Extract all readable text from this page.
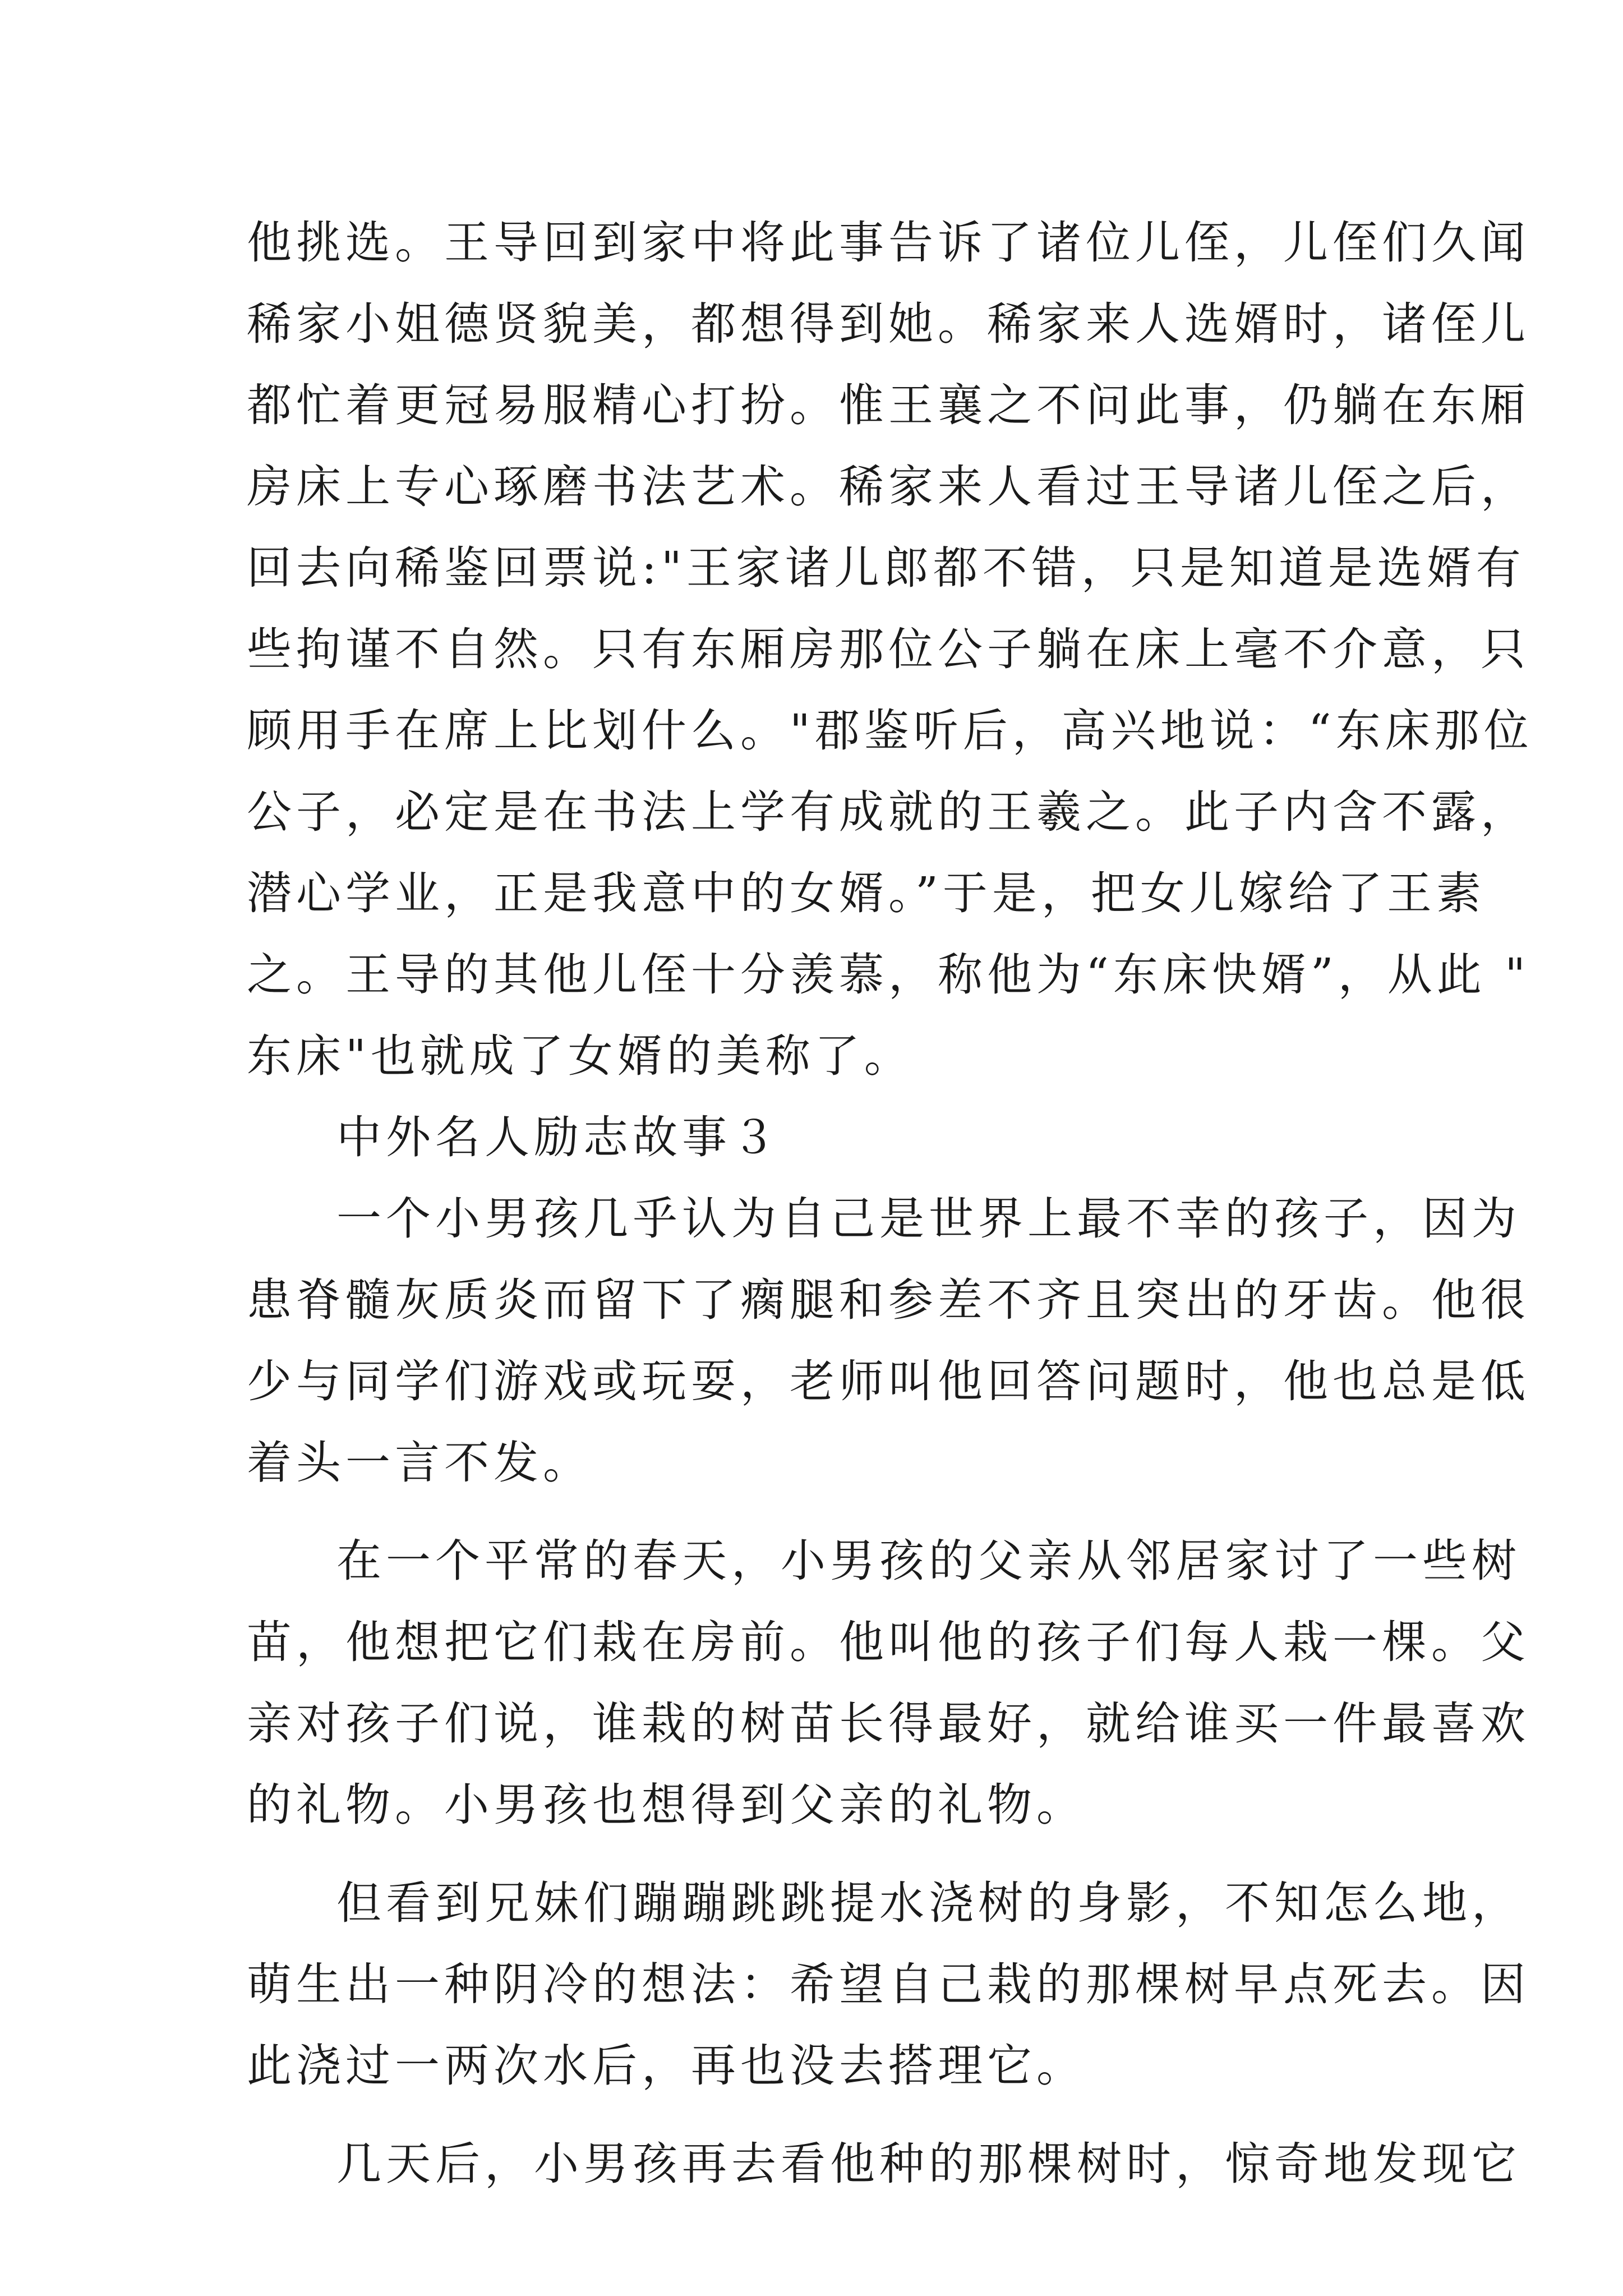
他挑选。王导回到家中将此事告诉了诸位儿侄，儿侄们久闻
稀家小姐德贤貌美，都想得到她。稀家来人选婿时，诸侄儿
都忙着更冠易服精心打扮。惟王襄之不问此事，仍躺在东厢
房床上专心琢磨书法艺术。稀家来人看过王导诸儿侄之后，
回去向稀鉴回票说:"王家诸儿郎都不错，只是知道是选婿有
些拘谨不自然。只有东厢房那位公子躺在床上毫不介意，只
顾用手在席上比划什么。"郡鉴听后，高兴地说：“东床那位
公子，必定是在书法上学有成就的王羲之。此子内含不露，
潜心学业，正是我意中的女婿。”于是，把女儿嫁给了王素
之。王导的其他儿侄十分羡慕，称他为“东床快婿”，从此 "
东床"也就成了女婿的美称了。
中外名人励志故事３
一个小男孩几乎认为自己是世界上最不幸的孩子，因为
患脊髓灰质炎而留下了瘸腿和参差不齐且突出的牙齿。他很
少与同学们游戏或玩耍，老师叫他回答问题时，他也总是低
着头一言不发。
在一个平常的春天，小男孩的父亲从邻居家讨了一些树
苗，他想把它们栽在房前。他叫他的孩子们每人栽一棵。父
亲对孩子们说，谁栽的树苗长得最好，就给谁买一件最喜欢
的礼物。小男孩也想得到父亲的礼物。
但看到兄妹们蹦蹦跳跳提水浇树的身影，不知怎么地，
萌生出一种阴冷的想法：希望自己栽的那棵树早点死去。因
此浇过一两次水后，再也没去搭理它。
几天后，小男孩再去看他种的那棵树时，惊奇地发现它
